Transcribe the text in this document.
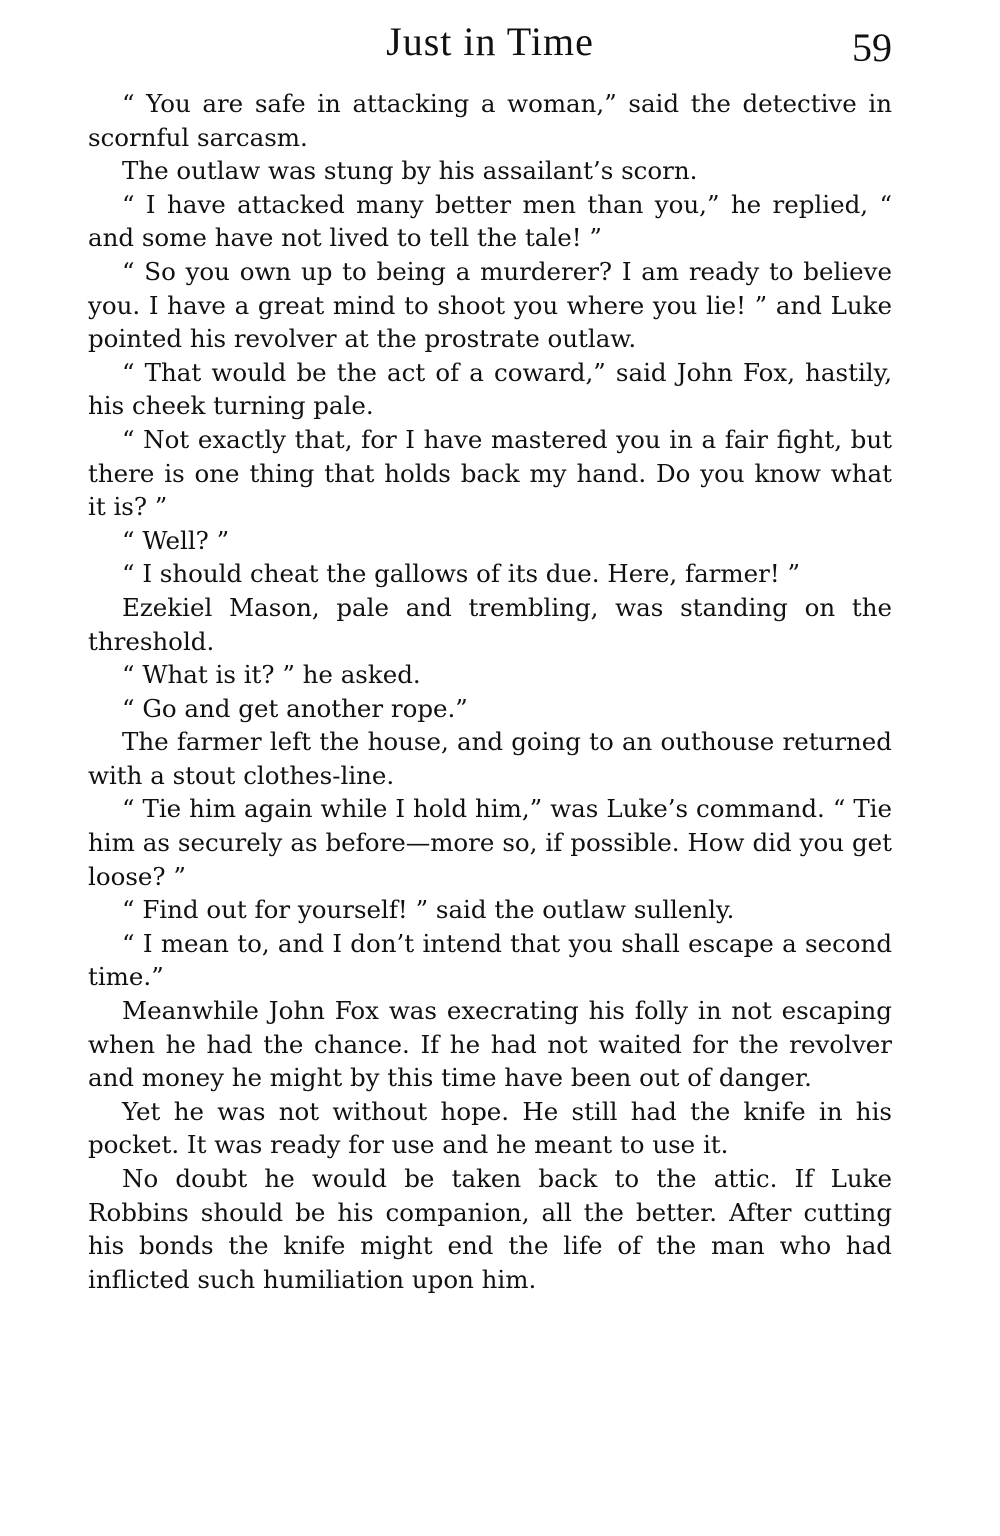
Just in Time	59

“ You are safe in attacking a woman,” said the detective in scornful sarcasm.

The outlaw was stung by his assailant’s scorn.

“ I have attacked many better men than you,” he replied, “ and some have not lived to tell the tale! ”

“ So you own up to being a murderer? I am ready to believe you. I have a great mind to shoot you where you lie! ” and Luke pointed his revolver at the prostrate outlaw.

“ That would be the act of a coward,” said John Fox, hastily, his cheek turning pale.

“ Not exactly that, for I have mastered you in a fair fight, but there is one thing that holds back my hand. Do you know what it is? ”

“ Well? ”

“ I should cheat the gallows of its due. Here, farmer! ”

Ezekiel Mason, pale and trembling, was standing on the threshold.

“ What is it? ” he asked.

“ Go and get another rope.”

The farmer left the house, and going to an outhouse returned with a stout clothes-line.

“ Tie him again while I hold him,” was Luke’s command. “ Tie him as securely as before—more so, if possible. How did you get loose? ”

“ Find out for yourself! ” said the outlaw sullenly.

“ I mean to, and I don’t intend that you shall escape a second time.”

Meanwhile John Fox was execrating his folly in not escaping when he had the chance. If he had not waited for the revolver and money he might by this time have been out of danger.

Yet he was not without hope. He still had the knife in his pocket. It was ready for use and he meant to use it.

No doubt he would be taken back to the attic. If Luke Robbins should be his companion, all the better. After cutting his bonds the knife might end the life of the man who had inflicted such humiliation upon him.
